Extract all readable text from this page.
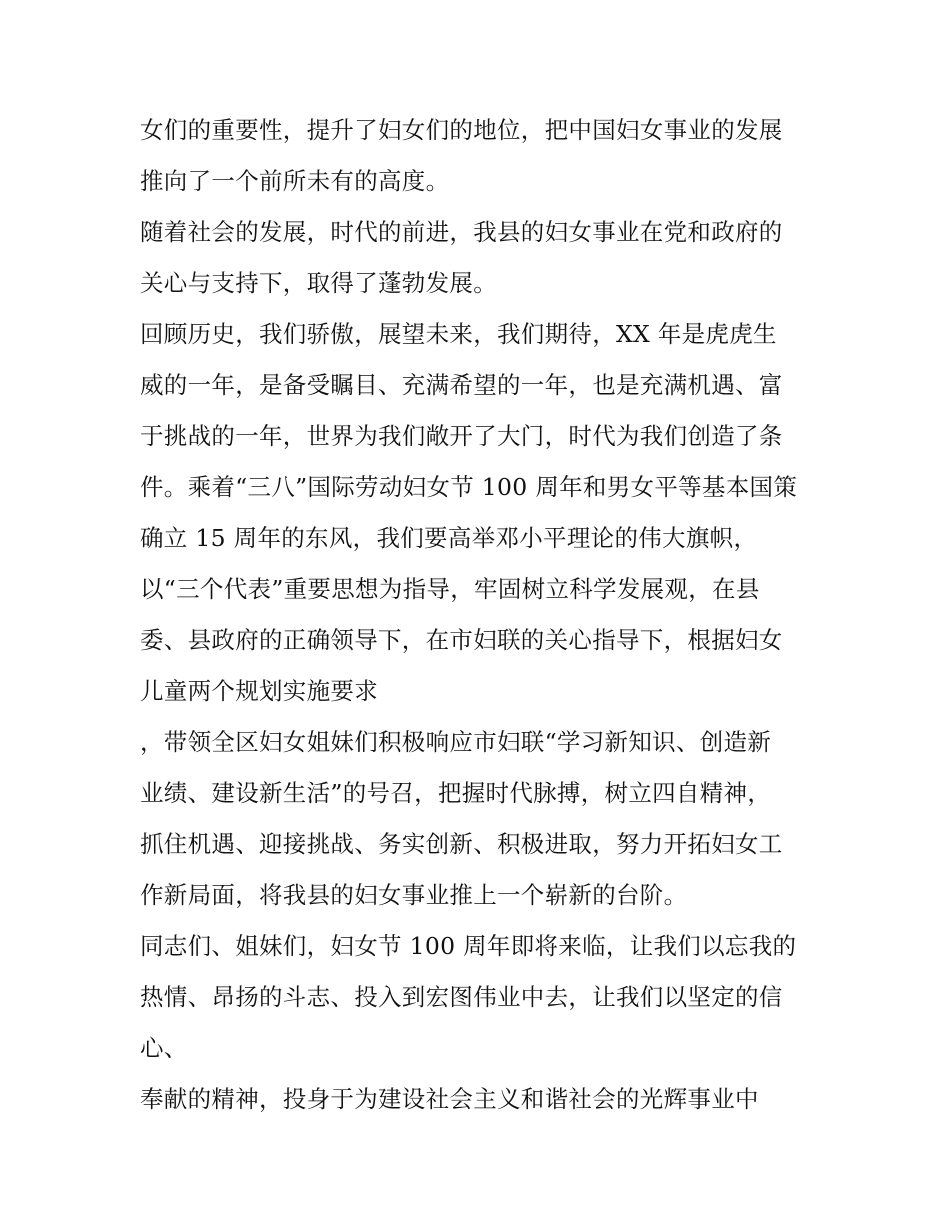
女们的重要性，提升了妇女们的地位，把中国妇女事业的发展
推向了一个前所未有的高度。
随着社会的发展，时代的前进，我县的妇女事业在党和政府的
关心与支持下，取得了蓬勃发展。
回顾历史，我们骄傲，展望未来，我们期待，XX 年是虎虎生
威的一年，是备受瞩目、充满希望的一年，也是充满机遇、富
于挑战的一年，世界为我们敞开了大门，时代为我们创造了条
件。乘着“三八”国际劳动妇女节 100 周年和男女平等基本国策
确立 15 周年的东风，我们要高举邓小平理论的伟大旗帜，
以“三个代表”重要思想为指导，牢固树立科学发展观，在县
委、县政府的正确领导下，在市妇联的关心指导下，根据妇女
儿童两个规划实施要求
，带领全区妇女姐妹们积极响应市妇联“学习新知识、创造新
业绩、建设新生活”的号召，把握时代脉搏，树立四自精神，
抓住机遇、迎接挑战、务实创新、积极进取，努力开拓妇女工
作新局面，将我县的妇女事业推上一个崭新的台阶。
同志们、姐妹们，妇女节 100 周年即将来临，让我们以忘我的
热情、昂扬的斗志、投入到宏图伟业中去，让我们以坚定的信
心、
奉献的精神，投身于为建设社会主义和谐社会的光辉事业中
